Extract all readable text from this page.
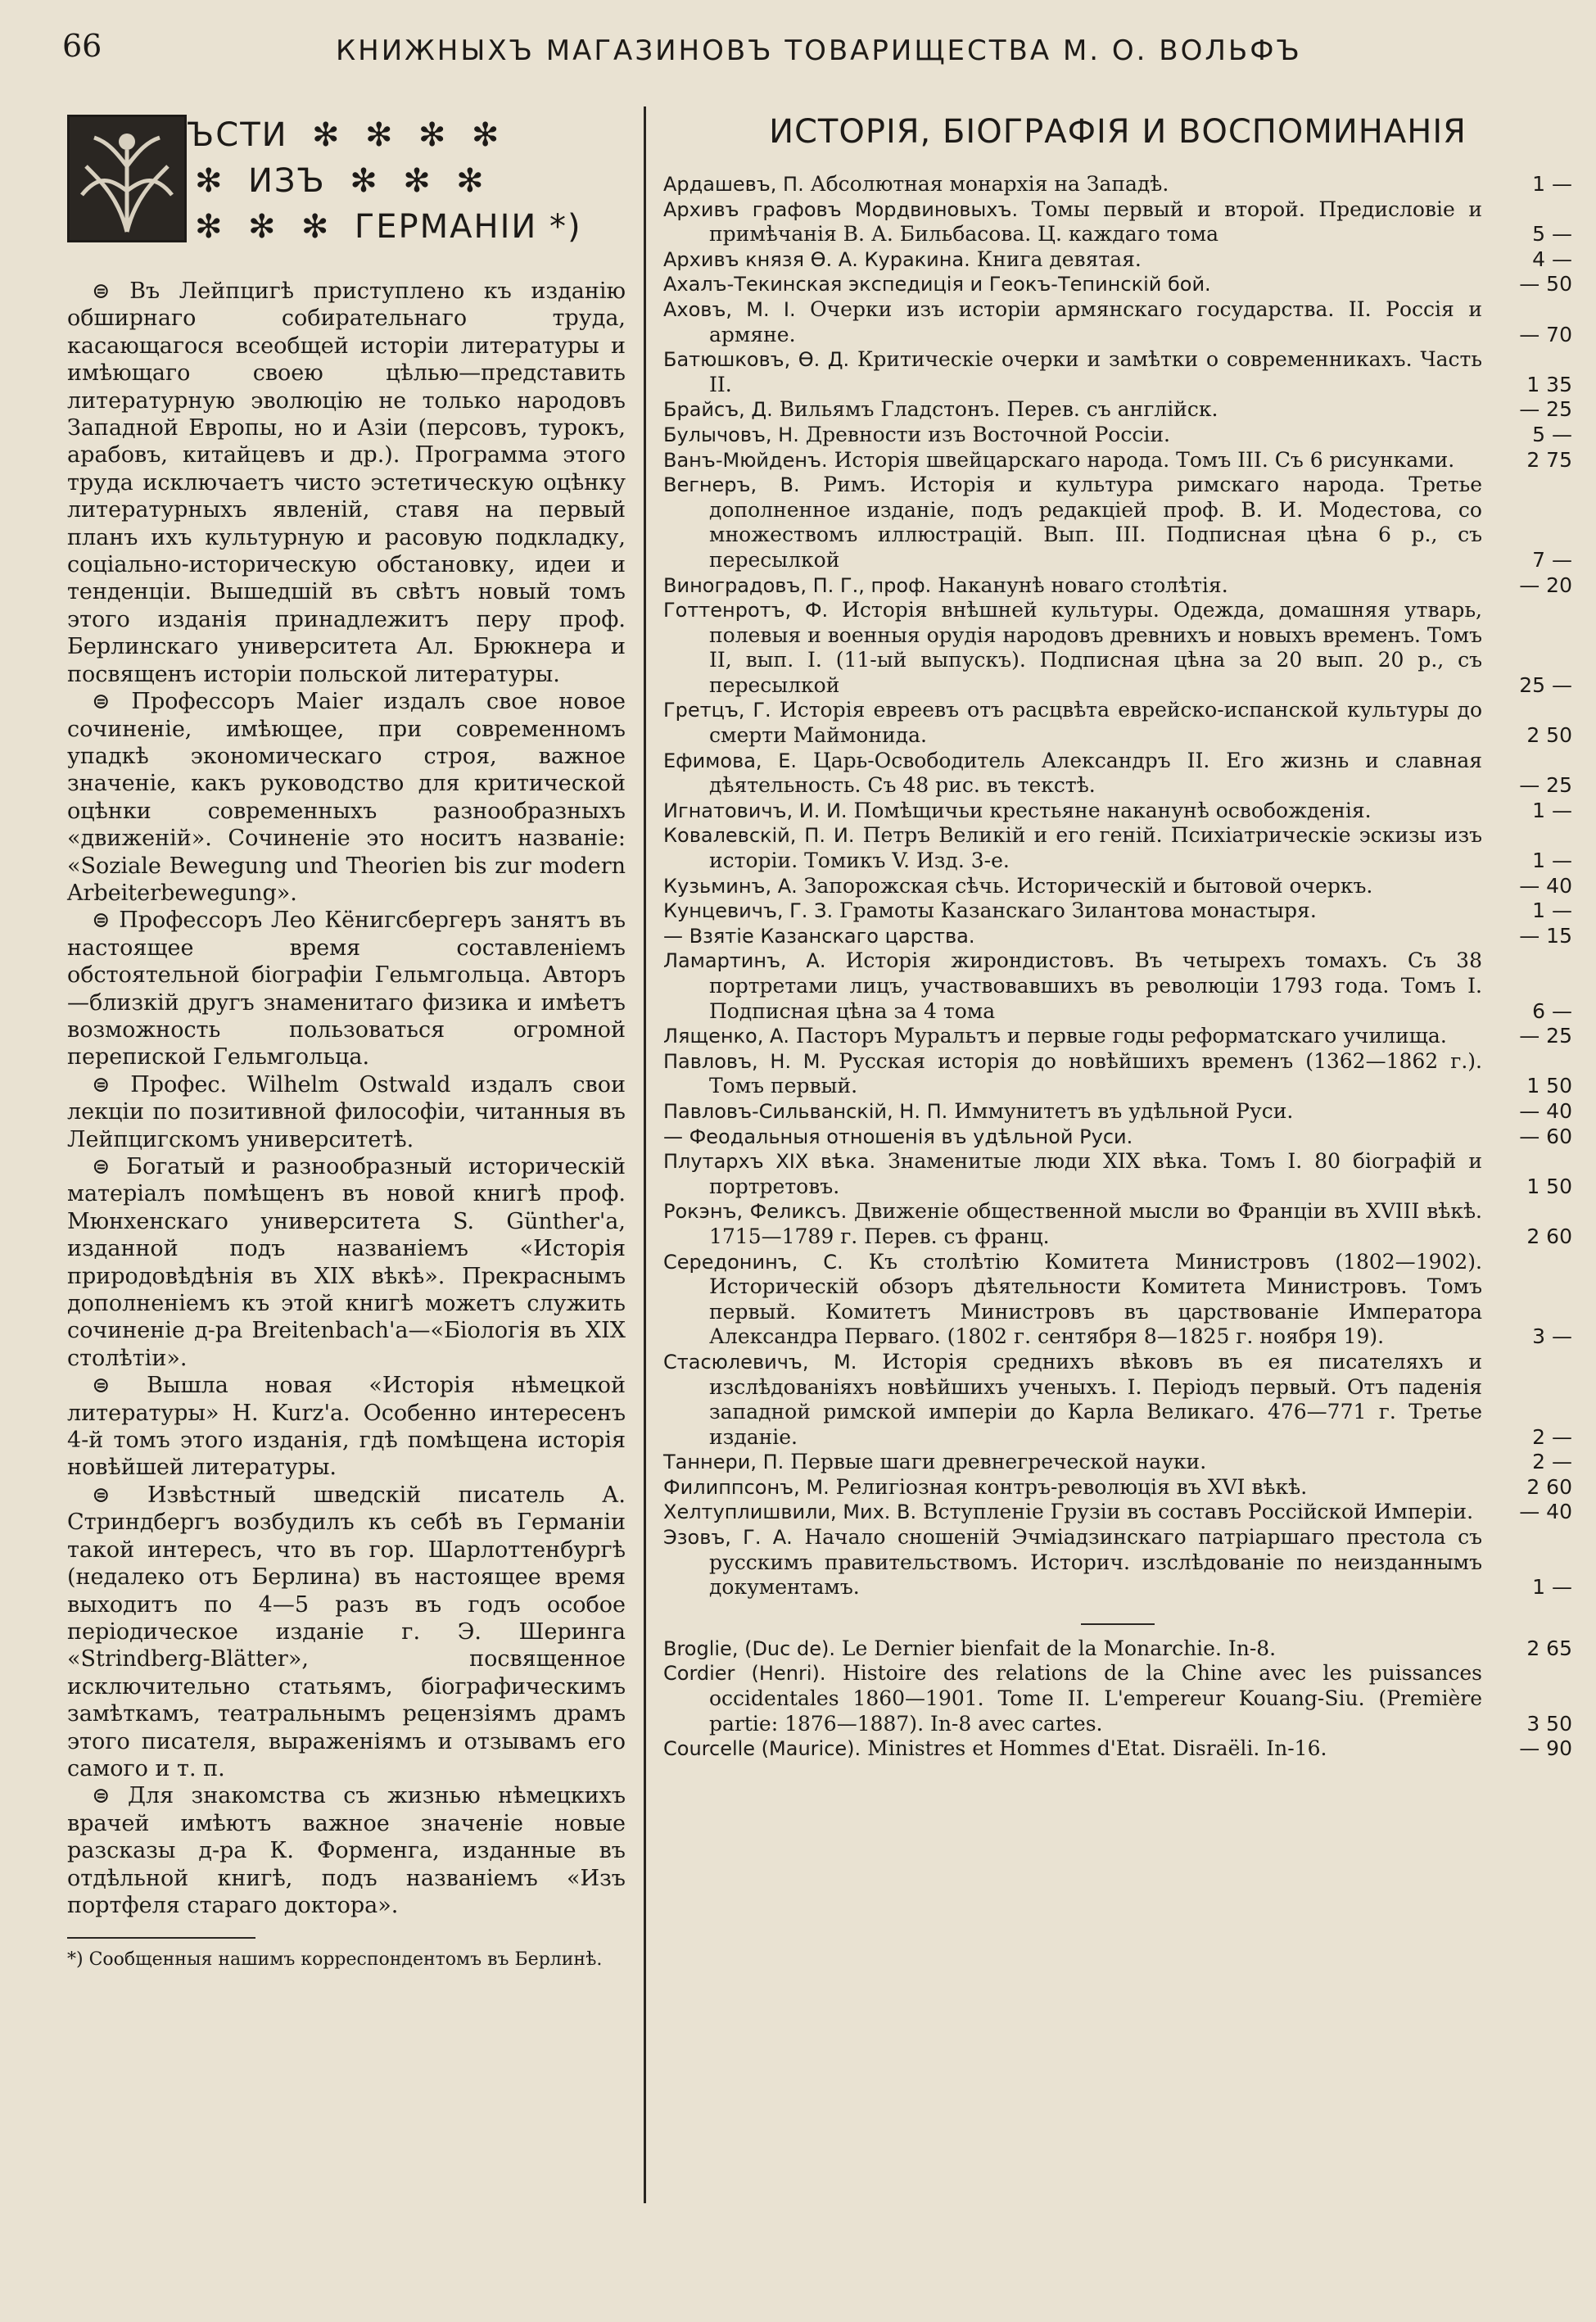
66	КНИЖНЫХЪ МАГАЗИНОВЪ ТОВАРИЩЕСТВА М. О. ВОЛЬФЪ
ЪСТИ  ✻  ✻  ✻  ✻
✻  ИЗЪ  ✻  ✻  ✻
✻  ✻  ✻  ГЕРМАНІИ *)

⊜ Въ Лейпцигѣ приступлено къ изданію обширнаго собирательнаго труда, касающагося всеобщей исторіи литературы и имѣющаго своею цѣлью—представить литературную эволюцію не только народовъ Западной Европы, но и Азіи (персовъ, турокъ, арабовъ, китайцевъ и др.). Программа этого труда исключаетъ чисто эстетическую оцѣнку литературныхъ явленій, ставя на первый планъ ихъ культурную и расовую подкладку, соціально-историческую обстановку, идеи и тенденціи. Вышедшій въ свѣтъ новый томъ этого изданія принадлежитъ перу проф. Берлинскаго университета Ал. Брюкнера и посвященъ исторіи польской литературы.

⊜ Профессоръ Maier издалъ свое новое сочиненіе, имѣющее, при современномъ упадкѣ экономическаго строя, важное значеніе, какъ руководство для критической оцѣнки современныхъ разнообразныхъ «движеній». Сочиненіе это носитъ названіе: «Soziale Bewegung und Theorien bis zur modern Arbeiterbewegung».

⊜ Профессоръ Лео Кёнигсбергеръ занятъ въ настоящее время составленіемъ обстоятельной біографіи Гельмгольца. Авторъ—близкій другъ знаменитаго физика и имѣетъ возможность пользоваться огромной перепиской Гельмгольца.

⊜ Профес. Wilhelm Ostwald издалъ свои лекціи по позитивной философіи, читанныя въ Лейпцигскомъ университетѣ.

⊜ Богатый и разнообразный историческій матеріалъ помѣщенъ въ новой книгѣ проф. Мюнхенскаго университета S. Günther'а, изданной подъ названіемъ «Исторія природовѣдѣнія въ XIX вѣкѣ». Прекраснымъ дополненіемъ къ этой книгѣ можетъ служить сочиненіе д-ра Breitenbach'а—«Біологія въ XIX столѣтіи».

⊜ Вышла новая «Исторія нѣмецкой литературы» H. Kurz'а. Особенно интересенъ 4-й томъ этого изданія, гдѣ помѣщена исторія новѣйшей литературы.

⊜ Извѣстный шведскій писатель А. Стриндбергъ возбудилъ къ себѣ въ Германіи такой интересъ, что въ гор. Шарлоттенбургѣ (недалеко отъ Берлина) въ настоящее время выходитъ по 4—5 разъ въ годъ особое періодическое изданіе г. Э. Шеринга «Strindberg-Blätter», посвященное исключительно статьямъ, біографическимъ замѣткамъ, театральнымъ рецензіямъ драмъ этого писателя, выраженіямъ и отзывамъ его самого и т. п.

⊜ Для знакомства съ жизнью нѣмецкихъ врачей имѣютъ важное значеніе новые разсказы д-ра К. Форменга, изданные въ отдѣльной книгѣ, подъ названіемъ «Изъ портфеля стараго доктора».

*) Сообщенныя нашимъ корреспондентомъ въ Берлинѣ.
ИСТОРІЯ, БІОГРАФІЯ И ВОСПОМИНАНІЯ
Ардашевъ, П. Абсолютная монархія на Западѣ.	1 —
Архивъ графовъ Мордвиновыхъ. Томы первый и второй. Предисловіе и примѣчанія В. А. Бильбасова. Ц. каждаго тома	5 —
Архивъ князя Ѳ. А. Куракина. Книга девятая.	4 —
Ахалъ-Текинская экспедиція и Геокъ-Тепинскій бой.	— 50
Аховъ, М. І. Очерки изъ исторіи армянскаго государства. II. Россія и армяне.	— 70
Батюшковъ, Ѳ. Д. Критическіе очерки и замѣтки о современникахъ. Часть II.	1 35
Брайсъ, Д. Вильямъ Гладстонъ. Перев. съ англійск.	— 25
Булычовъ, Н. Древности изъ Восточной Россіи.	5 —
Ванъ-Мюйденъ. Исторія швейцарскаго народа. Томъ III. Съ 6 рисунками.	2 75
Вегнеръ, В. Римъ. Исторія и культура римскаго народа. Третье дополненное изданіе, подъ редакціей проф. В. И. Модестова, со множествомъ иллюстрацій. Вып. III. Подписная цѣна 6 р., съ пересылкой	7 —
Виноградовъ, П. Г., проф. Наканунѣ новаго столѣтія.	— 20
Готтенротъ, Ф. Исторія внѣшней культуры. Одежда, домашняя утварь, полевыя и военныя орудія народовъ древнихъ и новыхъ временъ. Томъ II, вып. I. (11-ый выпускъ). Подписная цѣна за 20 вып. 20 р., съ пересылкой	25 —
Гретцъ, Г. Исторія евреевъ отъ расцвѣта еврейско-испанской культуры до смерти Маймонида.	2 50
Ефимова, Е. Царь-Освободитель Александръ II. Его жизнь и славная дѣятельность. Съ 48 рис. въ текстѣ.	— 25
Игнатовичъ, И. И. Помѣщичьи крестьяне наканунѣ освобожденія.	1 —
Ковалевскій, П. И. Петръ Великій и его геній. Психіатрическіе эскизы изъ исторіи. Томикъ V. Изд. 3-е.	1 —
Кузьминъ, А. Запорожская сѣчь. Историческій и бытовой очеркъ.	— 40
Кунцевичъ, Г. З. Грамоты Казанскаго Зилантова монастыря.	1 —
— Взятіе Казанскаго царства.	— 15
Ламартинъ, А. Исторія жирондистовъ. Въ четырехъ томахъ. Съ 38 портретами лицъ, участвовавшихъ въ революціи 1793 года. Томъ I. Подписная цѣна за 4 тома	6 —
Лященко, А. Пасторъ Муральтъ и первые годы реформатскаго училища.	— 25
Павловъ, Н. М. Русская исторія до новѣйшихъ временъ (1362—1862 г.). Томъ первый.	1 50
Павловъ-Сильванскій, Н. П. Иммунитетъ въ удѣльной Руси.	— 40
— Феодальныя отношенія въ удѣльной Руси.	— 60
Плутархъ XIX вѣка. Знаменитые люди XIX вѣка. Томъ I. 80 біографій и портретовъ.	1 50
Рокэнъ, Феликсъ. Движеніе общественной мысли во Франціи въ XVIII вѣкѣ. 1715—1789 г. Перев. съ франц.	2 60
Середонинъ, С. Къ столѣтію Комитета Министровъ (1802—1902). Историческій обзоръ дѣятельности Комитета Министровъ. Томъ первый. Комитетъ Министровъ въ царствованіе Императора Александра Перваго. (1802 г. сентября 8—1825 г. ноября 19).	3 —
Стасюлевичъ, М. Исторія среднихъ вѣковъ въ ея писателяхъ и изслѣдованіяхъ новѣйшихъ ученыхъ. I. Періодъ первый. Отъ паденія западной римской имперіи до Карла Великаго. 476—771 г. Третье изданіе.	2 —
Таннери, П. Первые шаги древнегреческой науки.	2 —
Филиппсонъ, М. Религіозная контръ-революція въ XVI вѣкѣ.	2 60
Хелтуплишвили, Мих. В. Вступленіе Грузіи въ составъ Россійской Имперіи.	— 40
Эзовъ, Г. А. Начало сношеній Эчміадзинскаго патріаршаго престола съ русскимъ правительствомъ. Историч. изслѣдованіе по неизданнымъ документамъ.	1 —
Broglie, (Duc de). Le Dernier bienfait de la Monarchie. In-8.	2 65
Cordier (Henri). Histoire des relations de la Chine avec les puissances occidentales 1860—1901. Tome II. L'empereur Kouang-Siu. (Première partie: 1876—1887). In-8 avec cartes.	3 50
Courcelle (Maurice). Ministres et Hommes d'Etat. Disraëli. In-16.	— 90
